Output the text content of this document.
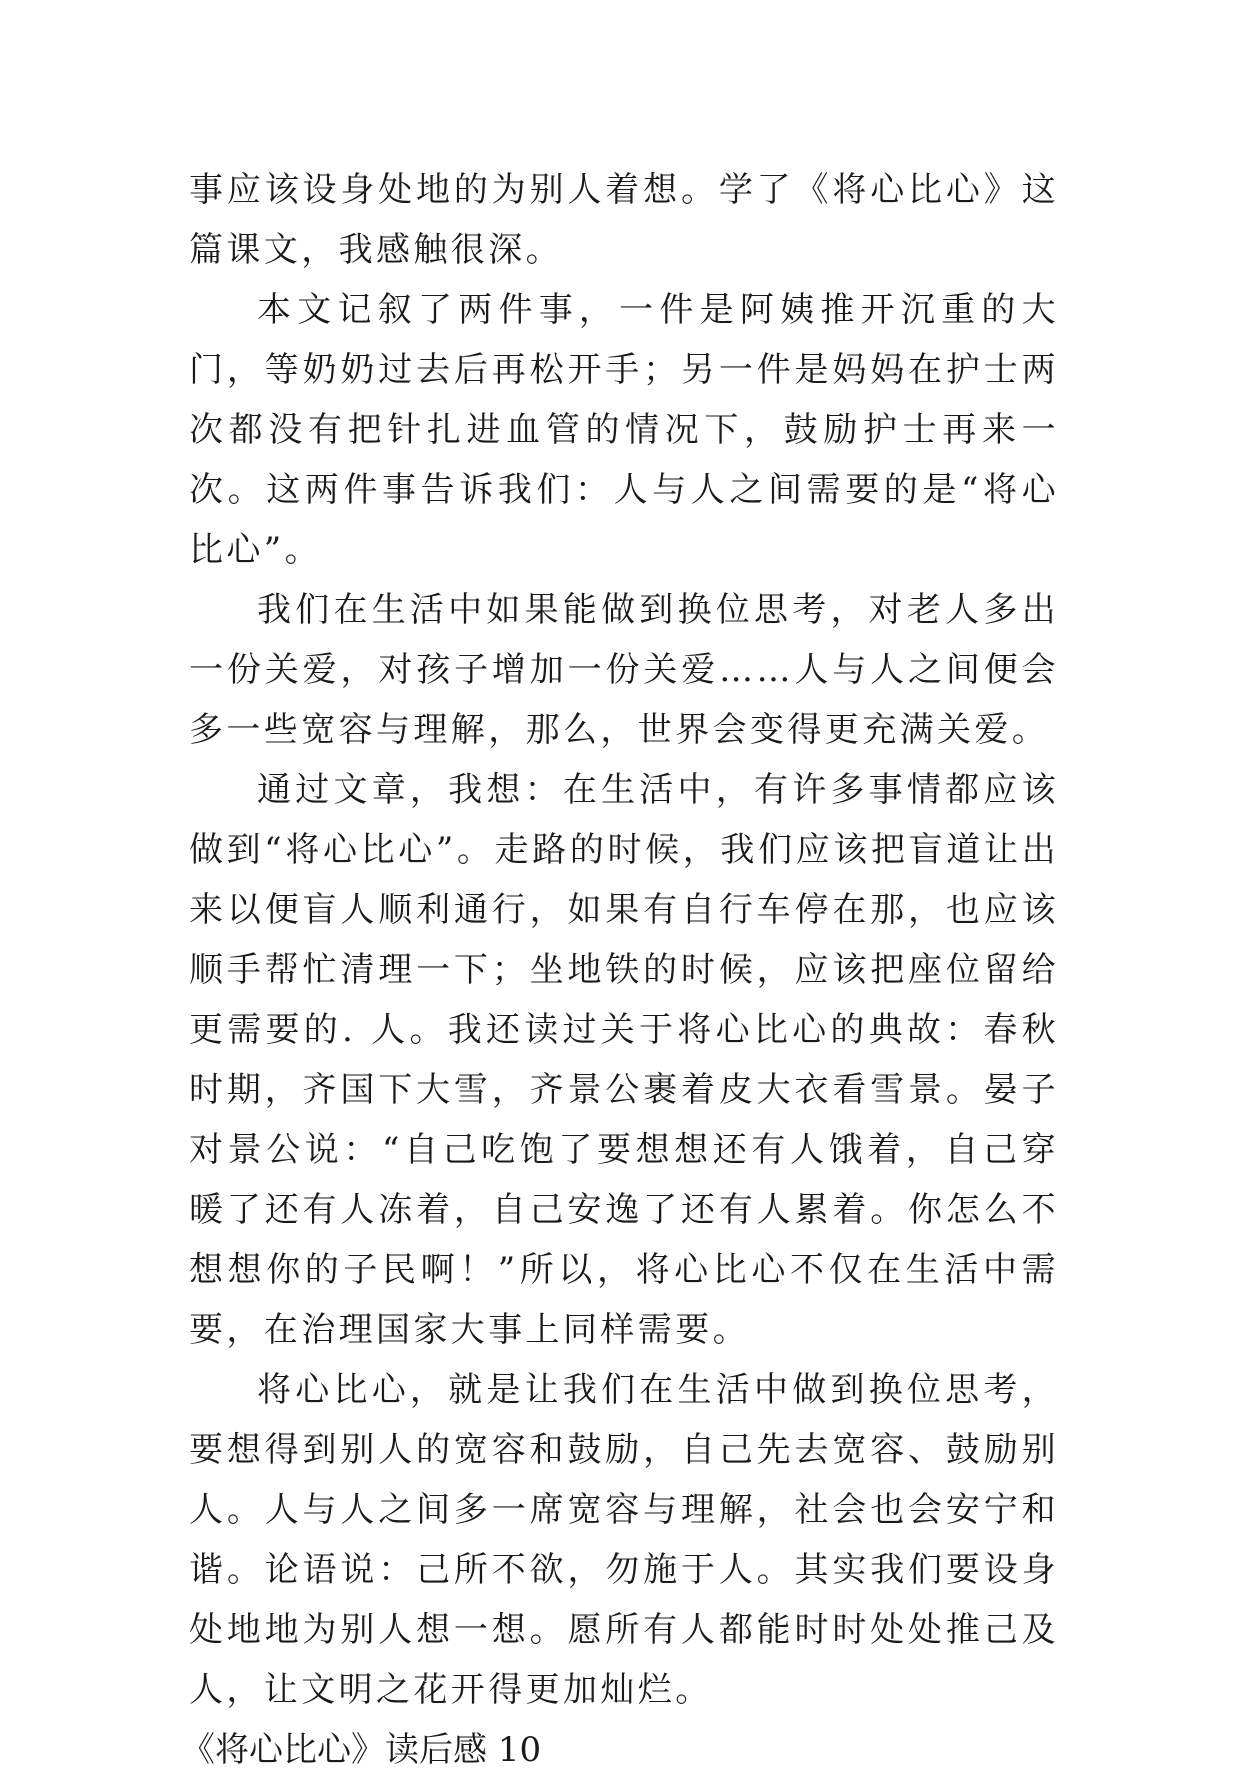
事应该设身处地的为别人着想。学了《将心比心》这篇课文，我感触很深。

本文记叙了两件事，一件是阿姨推开沉重的大门，等奶奶过去后再松开手；另一件是妈妈在护士两次都没有把针扎进血管的情况下，鼓励护士再来一次。这两件事告诉我们：人与人之间需要的是“将心比心”。

我们在生活中如果能做到换位思考，对老人多出一份关爱，对孩子增加一份关爱……人与人之间便会多一些宽容与理解，那么，世界会变得更充满关爱。

通过文章，我想：在生活中，有许多事情都应该做到“将心比心”。走路的时候，我们应该把盲道让出来以便盲人顺利通行，如果有自行车停在那，也应该顺手帮忙清理一下；坐地铁的时候，应该把座位留给更需要的. 人。我还读过关于将心比心的典故：春秋时期，齐国下大雪，齐景公裹着皮大衣看雪景。晏子对景公说：“自己吃饱了要想想还有人饿着，自己穿暖了还有人冻着，自己安逸了还有人累着。你怎么不想想你的子民啊！”所以，将心比心不仅在生活中需要，在治理国家大事上同样需要。

将心比心，就是让我们在生活中做到换位思考，要想得到别人的宽容和鼓励，自己先去宽容、鼓励别人。人与人之间多一席宽容与理解，社会也会安宁和谐。论语说：己所不欲，勿施于人。其实我们要设身处地地为别人想一想。愿所有人都能时时处处推己及人，让文明之花开得更加灿烂。

《将心比心》读后感 10
